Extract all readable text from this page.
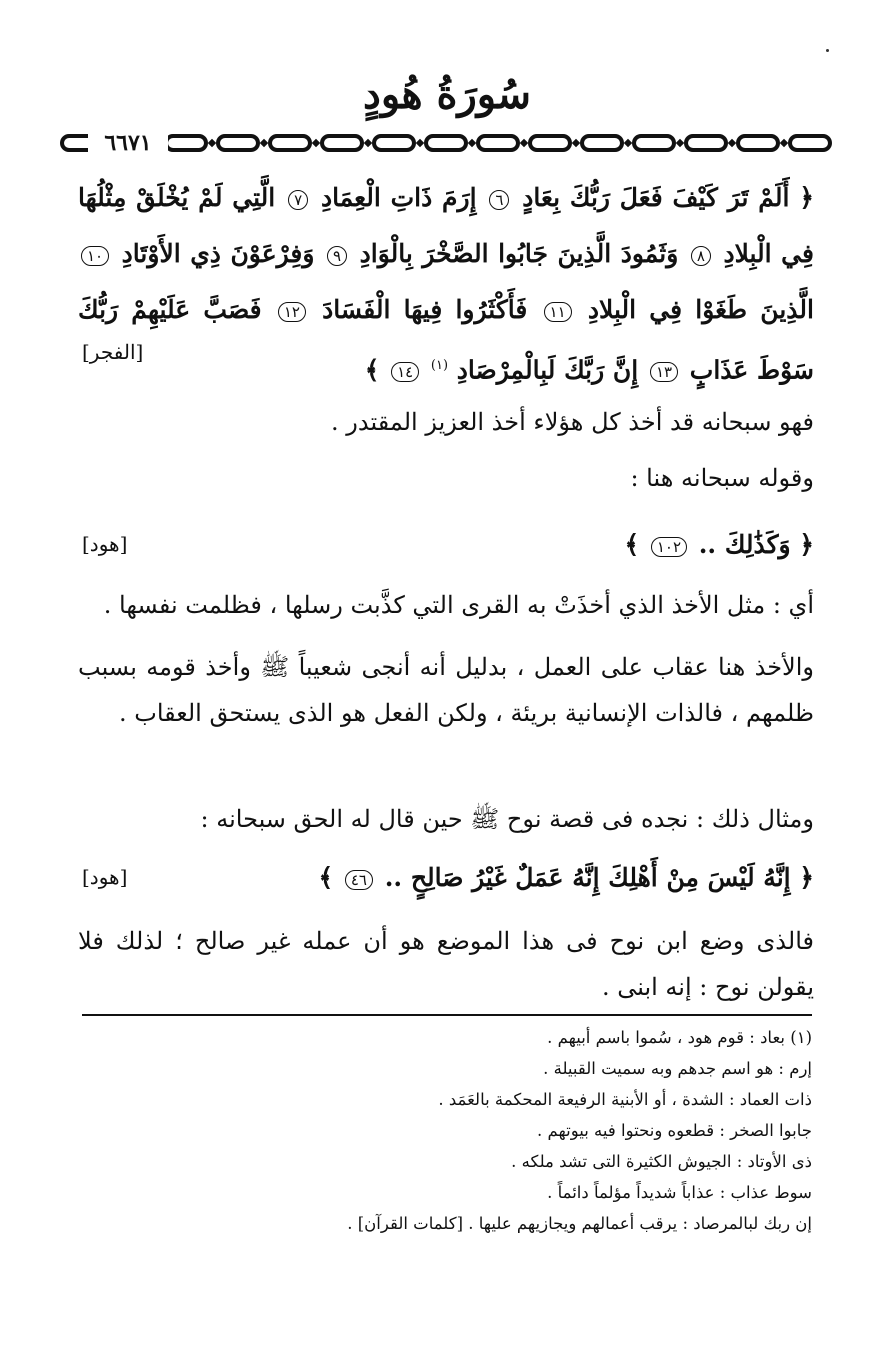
سُورَةُ هُودٍ
٦٦٧١
﴿ أَلَمْ تَرَ كَيْفَ فَعَلَ رَبُّكَ بِعَادٍ ٦ إِرَمَ ذَاتِ الْعِمَادِ ٧ الَّتِي لَمْ يُخْلَقْ مِثْلُهَا فِي الْبِلادِ ٨ وَثَمُودَ الَّذِينَ جَابُوا الصَّخْرَ بِالْوَادِ ٩ وَفِرْعَوْنَ ذِي الأَوْتَادِ ١٠ الَّذِينَ طَغَوْا فِي الْبِلادِ ١١ فَأَكْثَرُوا فِيهَا الْفَسَادَ ١٢ فَصَبَّ عَلَيْهِمْ رَبُّكَ سَوْطَ عَذَابٍ ١٣ إِنَّ رَبَّكَ لَبِالْمِرْصَادِ $^{(١)}$ ١٤ ﴾
[الفجر]
فهو سبحانه قد أخذ كل هؤلاء أخذ العزيز المقتدر .
وقوله سبحانه هنا :
﴿ وَكَذَٰلِكَ .. ١٠٢ ﴾
[هود]
أي : مثل الأخذ الذي أخذَتْ به القرى التي كذَّبت رسلها ، فظلمت نفسها .
والأخذ هنا عقاب على العمل ، بدليل أنه أنجى شعيباً ﷺ وأخذ قومه بسبب ظلمهم ، فالذات الإنسانية بريئة ، ولكن الفعل هو الذى يستحق العقاب .
ومثال ذلك : نجده فى قصة نوح ﷺ حين قال له الحق سبحانه :
﴿ إِنَّهُ لَيْسَ مِنْ أَهْلِكَ إِنَّهُ عَمَلٌ غَيْرُ صَالِحٍ .. ٤٦ ﴾
[هود]
فالذى وضع ابن نوح فى هذا الموضع هو أن عمله غير صالح ؛ لذلك فلا يقولن نوح : إنه ابنى .
(١) بعاد : قوم هود ، سُموا باسم أبيهم .
إرم : هو اسم جدهم وبه سميت القبيلة .
ذات العماد : الشدة ، أو الأبنية الرفيعة المحكمة بالعَمَد .
جابوا الصخر : قطعوه ونحتوا فيه بيوتهم .
ذى الأوتاد : الجيوش الكثيرة التى تشد ملكه .
سوط عذاب : عذاباً شديداً مؤلماً دائماً .
إن ربك لبالمرصاد : يرقب أعمالهم ويجازيهم عليها . [كلمات القرآن] .
